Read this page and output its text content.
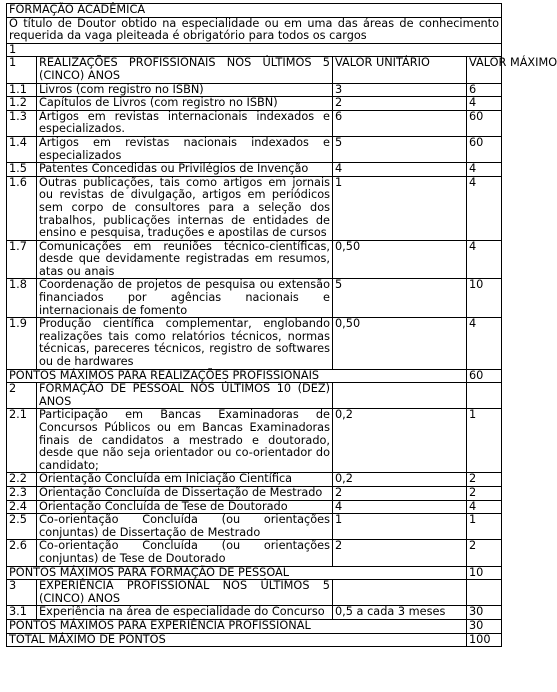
FORMAÇÃO ACADÊMICA			
O título de Doutor obtido na especialidade ou em uma das áreas de conhecimento requerida da vaga pleiteada é obrigatório para todos os cargos			
1			
1	REALIZAÇÕES PROFISSIONAIS NOS ÚLTIMOS 5 (CINCO) ANOS	VALOR UNITÁRIO	VALOR MÁXIMO
1.1	Livros (com registro no ISBN)	3	6
1.2	Capítulos de Livros (com registro no ISBN)	2	4
1.3	Artigos em revistas internacionais indexados e especializados.	6	60
1.4	Artigos em revistas nacionais indexados e especializados	5	60
1.5	Patentes Concedidas ou Privilégios de Invenção	4	4
1.6	Outras publicações, tais como artigos em jornais ou revistas de divulgação, artigos em periódicos sem corpo de consultores para a seleção dos trabalhos, publicações internas de entidades de ensino e pesquisa, traduções e apostilas de cursos	1	4
1.7	Comunicações em reuniões técnico-científicas, desde que devidamente registradas em resumos, atas ou anais	0,50	4
1.8	Coordenação de projetos de pesquisa ou extensão financiados por agências nacionais e internacionais de fomento	5	10
1.9	Produção científica complementar, englobando realizações tais como relatórios técnicos, normas técnicas, pareceres técnicos, registro de softwares ou de hardwares	0,50	4
PONTOS MÁXIMOS PARA REALIZAÇÕES PROFISSIONAIS			60
2	FORMAÇÃO DE PESSOAL NOS ÚLTIMOS 10 (DEZ) ANOS		
2.1	Participação em Bancas Examinadoras de Concursos Públicos ou em Bancas Examinadoras finais de candidatos a mestrado e doutorado, desde que não seja orientador ou co-orientador do candidato;	0,2	1
2.2	Orientação Concluída em Iniciação Científica	0,2	2
2.3	Orientação Concluída de Dissertação de Mestrado	2	2
2.4	Orientação Concluída de Tese de Doutorado	4	4
2.5	Co-orientação Concluída (ou orientações conjuntas) de Dissertação de Mestrado	1	1
2.6	Co-orientação Concluída (ou orientações conjuntas) de Tese de Doutorado	2	2
PONTOS MÁXIMOS PARA FORMAÇÃO DE PESSOAL			10
3	EXPERIÊNCIA PROFISSIONAL NOS ÚLTIMOS 5 (CINCO) ANOS		
3.1	Experiência na área de especialidade do Concurso	0,5 a cada 3 meses	30
PONTOS MÁXIMOS PARA EXPERIÊNCIA PROFISSIONAL			30
TOTAL MÁXIMO DE PONTOS			100
